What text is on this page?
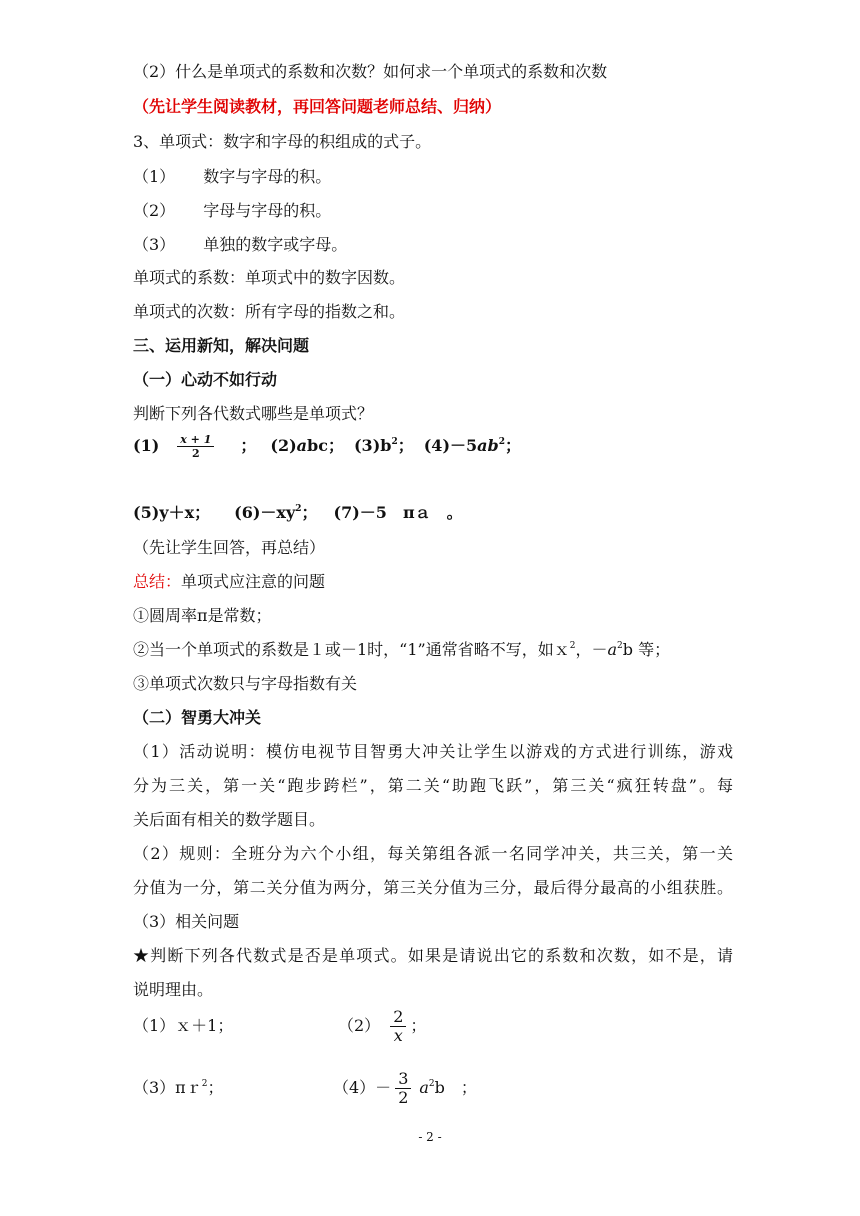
（2）什么是单项式的系数和次数？如何求一个单项式的系数和次数
（先让学生阅读教材，再回答问题老师总结、归纳）
3、单项式：数字和字母的积组成的式子。
（1） 数字与字母的积。
（2） 字母与字母的积。
（3） 单独的数字或字母。
单项式的系数：单项式中的数字因数。
单项式的次数：所有字母的指数之和。
三、运用新知，解决问题
（一）心动不如行动
判断下列各代数式哪些是单项式？
$(1) \frac{x + 1}{2}$ ； (2)abc； $(3)b^2$； $(4)-5ab^2$；
(5)y＋x； $(6)-xy^2$； (7)－5　πａ　。
（先让学生回答，再总结）
总结：单项式应注意的问题
①圆周率π是常数；
②当一个单项式的系数是１或－1时，“1”通常省略不写，如ｘ$^2$，$-a^2b$ 等；
③单项式次数只与字母指数有关
（二）智勇大冲关
（1）活动说明：模仿电视节目智勇大冲关让学生以游戏的方式进行训练，游戏
分为三关，第一关“跑步跨栏”，第二关“助跑飞跃”，第三关“疯狂转盘”。每
关后面有相关的数学题目。
（2）规则：全班分为六个小组，每关第组各派一名同学冲关，共三关，第一关
分值为一分，第二关分值为两分，第三关分值为三分，最后得分最高的小组获胜。
（3）相关问题
★判断下列各代数式是否是单项式。如果是请说出它的系数和次数，如不是，请
说明理由。
（1）ｘ＋1；	$(2) \frac{2}{x}$ ；
（3）πｒ$^2$；	$(4)- \frac{3}{2} a^2b$　；
- 2 -
